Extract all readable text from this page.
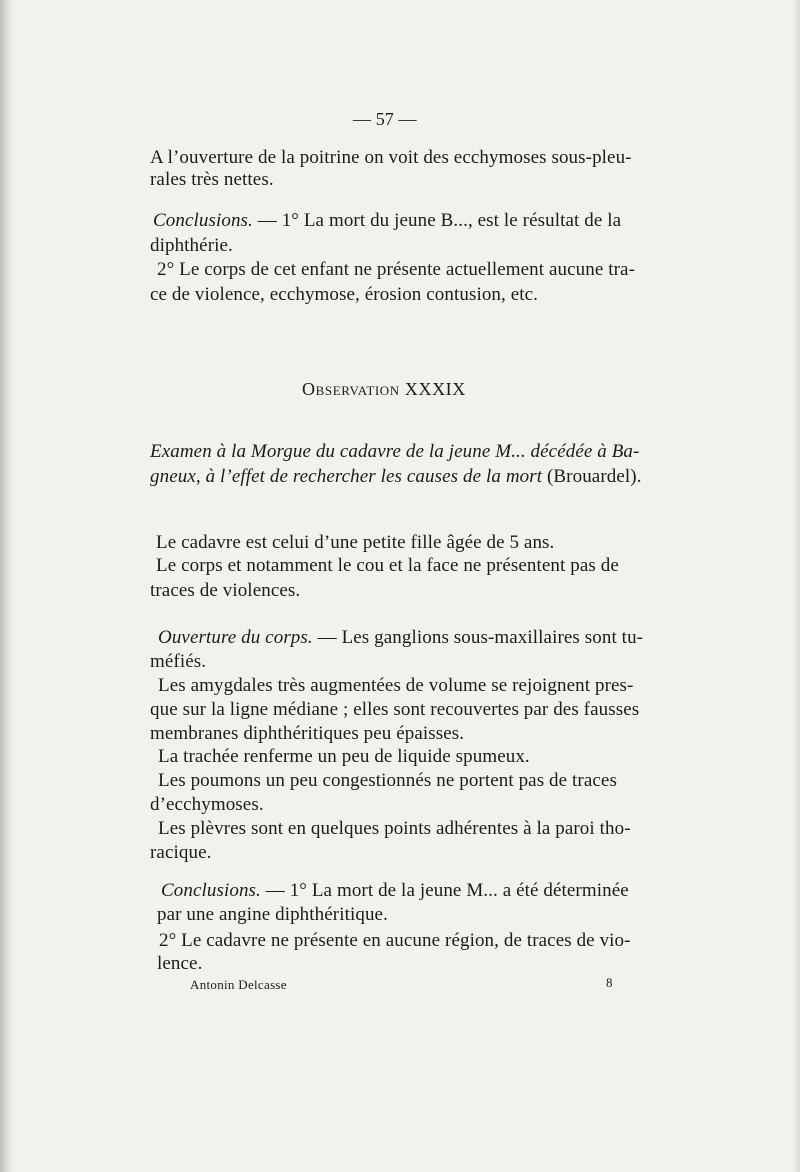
— 57 —
A l’ouverture de la poitrine on voit des ecchymoses sous-pleu-
rales très nettes.
Conclusions. — 1° La mort du jeune B..., est le résultat de la
diphthérie.
2° Le corps de cet enfant ne présente actuellement aucune tra-
ce de violence, ecchymose, érosion contusion, etc.
Observation XXXIX
Examen à la Morgue du cadavre de la jeune M... décédée à Ba-
gneux, à l’effet de rechercher les causes de la mort (Brouardel).
Le cadavre est celui d’une petite fille âgée de 5 ans.
Le corps et notamment le cou et la face ne présentent pas de
traces de violences.
Ouverture du corps. — Les ganglions sous-maxillaires sont tu-
méfiés.
Les amygdales très augmentées de volume se rejoignent pres-
que sur la ligne médiane ; elles sont recouvertes par des fausses
membranes diphthéritiques peu épaisses.
La trachée renferme un peu de liquide spumeux.
Les poumons un peu congestionnés ne portent pas de traces
d’ecchymoses.
Les plèvres sont en quelques points adhérentes à la paroi tho-
racique.
Conclusions. — 1° La mort de la jeune M... a été déterminée
par une angine diphthéritique.
2° Le cadavre ne présente en aucune région, de traces de vio-
lence.
Antonin Delcasse	8
